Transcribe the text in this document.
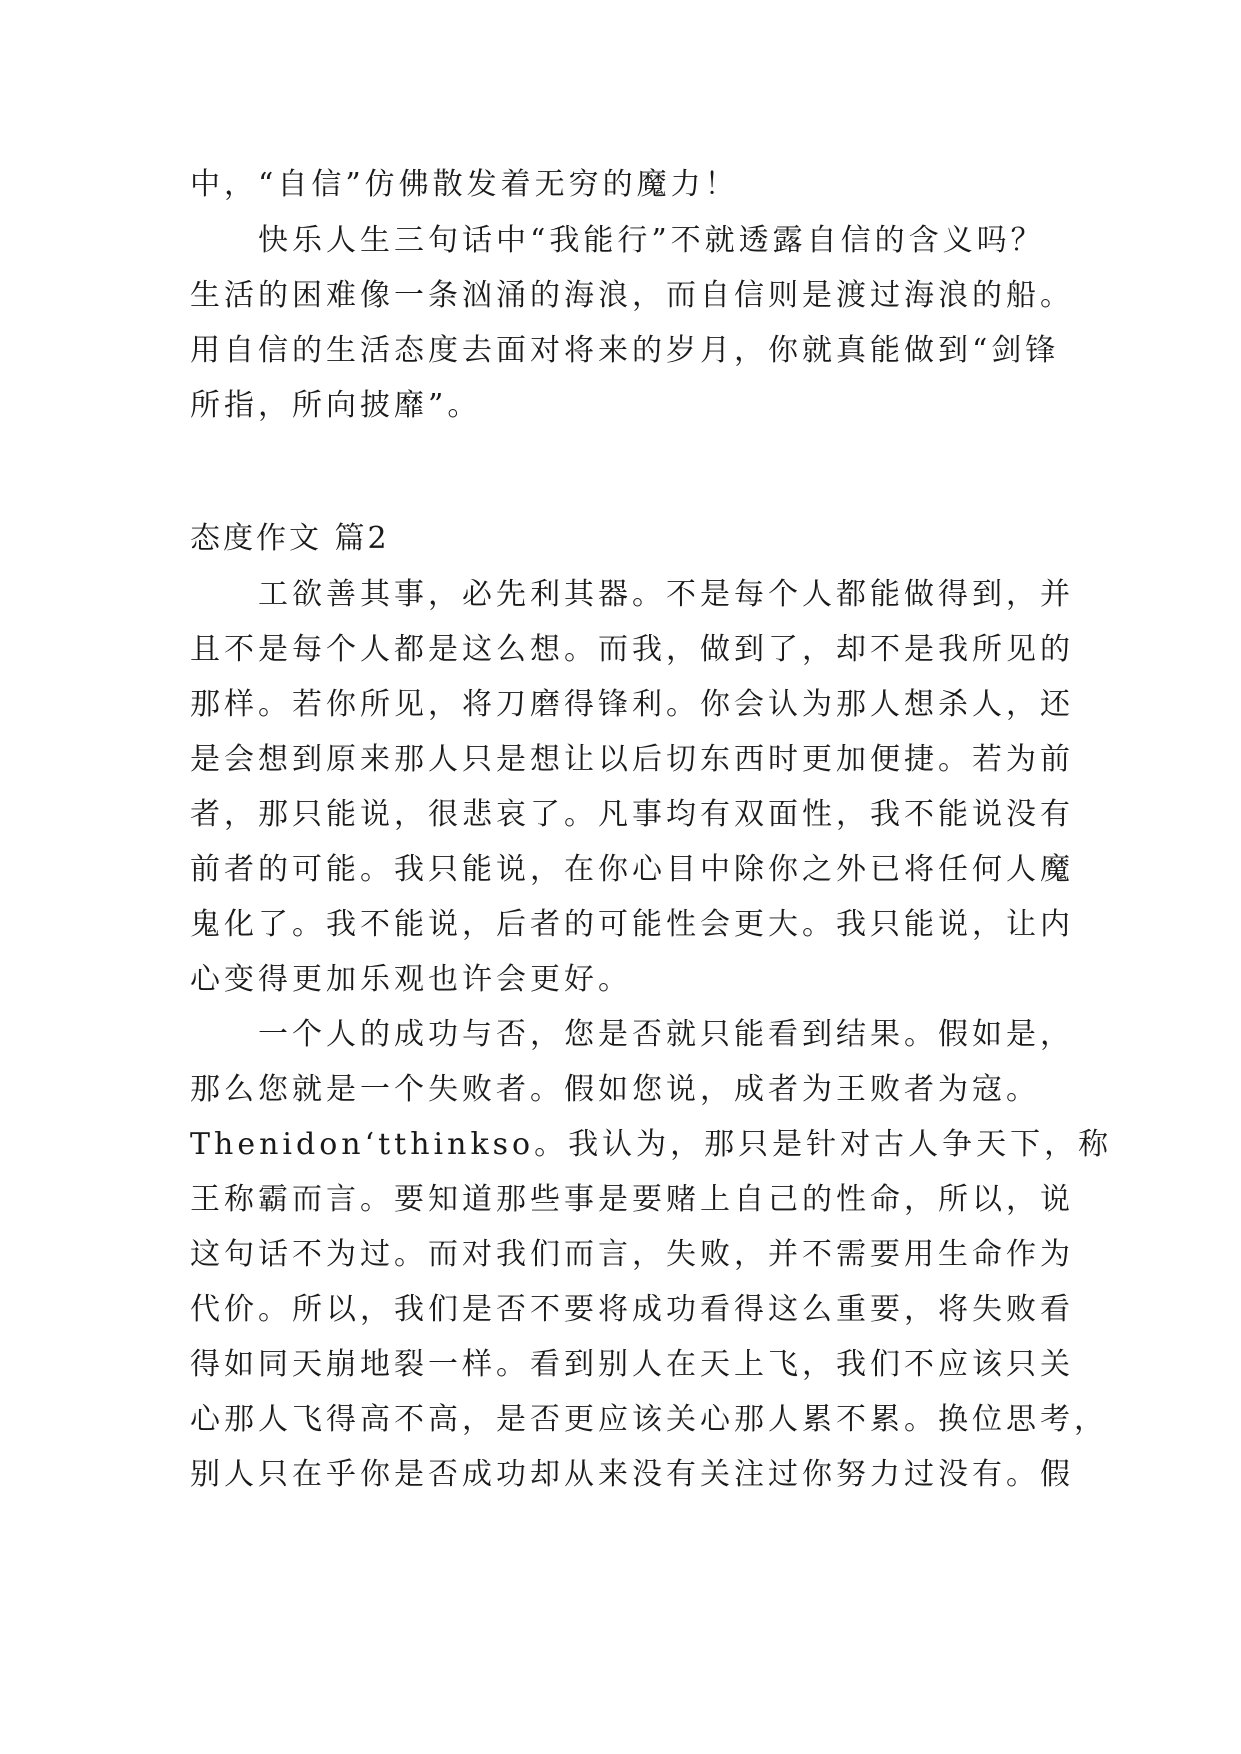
中，“自信”仿佛散发着无穷的魔力！
快乐人生三句话中“我能行”不就透露自信的含义吗？
生活的困难像一条汹涌的海浪，而自信则是渡过海浪的船。
用自信的生活态度去面对将来的岁月，你就真能做到“剑锋
所指，所向披靡”。
态度作文 篇2
工欲善其事，必先利其器。不是每个人都能做得到，并
且不是每个人都是这么想。而我，做到了，却不是我所见的
那样。若你所见，将刀磨得锋利。你会认为那人想杀人，还
是会想到原来那人只是想让以后切东西时更加便捷。若为前
者，那只能说，很悲哀了。凡事均有双面性，我不能说没有
前者的可能。我只能说，在你心目中除你之外已将任何人魔
鬼化了。我不能说，后者的可能性会更大。我只能说，让内
心变得更加乐观也许会更好。
一个人的成功与否，您是否就只能看到结果。假如是，
那么您就是一个失败者。假如您说，成者为王败者为寇。
Thenidon‘tthinkso。我认为，那只是针对古人争天下，称
王称霸而言。要知道那些事是要赌上自己的性命，所以，说
这句话不为过。而对我们而言，失败，并不需要用生命作为
代价。所以，我们是否不要将成功看得这么重要，将失败看
得如同天崩地裂一样。看到别人在天上飞，我们不应该只关
心那人飞得高不高，是否更应该关心那人累不累。换位思考，
别人只在乎你是否成功却从来没有关注过你努力过没有。假
